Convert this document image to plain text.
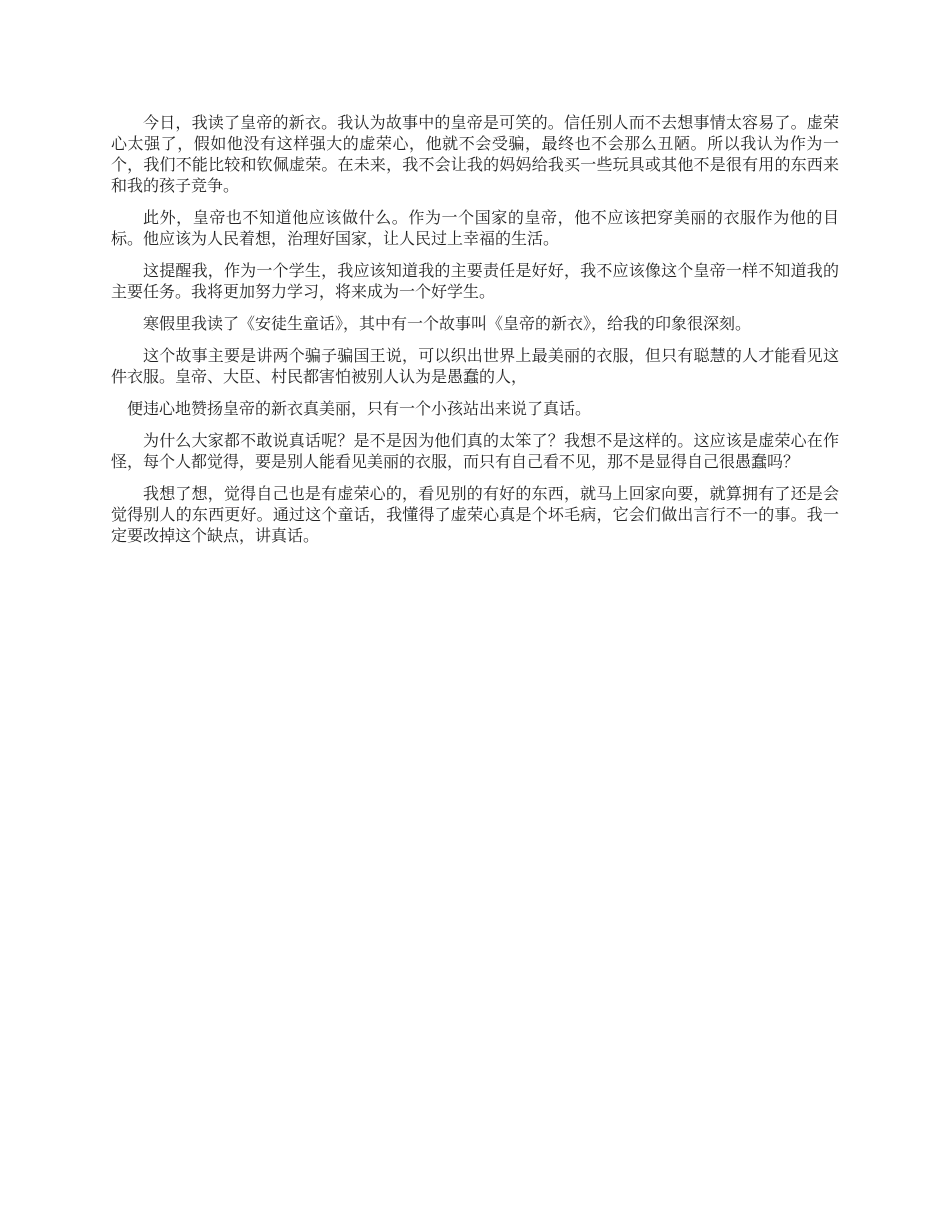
今日，我读了皇帝的新衣。我认为故事中的皇帝是可笑的。信任别人而不去想事情太容易了。虚荣心太强了，假如他没有这样强大的虚荣心，他就不会受骗，最终也不会那么丑陋。所以我认为作为一个，我们不能比较和钦佩虚荣。在未来，我不会让我的妈妈给我买一些玩具或其他不是很有用的东西来和我的孩子竞争。

此外，皇帝也不知道他应该做什么。作为一个国家的皇帝，他不应该把穿美丽的衣服作为他的目标。他应该为人民着想，治理好国家，让人民过上幸福的生活。

这提醒我，作为一个学生，我应该知道我的主要责任是好好，我不应该像这个皇帝一样不知道我的主要任务。我将更加努力学习，将来成为一个好学生。

寒假里我读了《安徒生童话》，其中有一个故事叫《皇帝的新衣》，给我的印象很深刻。

这个故事主要是讲两个骗子骗国王说，可以织出世界上最美丽的衣服，但只有聪慧的人才能看见这件衣服。皇帝、大臣、村民都害怕被别人认为是愚蠢的人，

便违心地赞扬皇帝的新衣真美丽，只有一个小孩站出来说了真话。

为什么大家都不敢说真话呢？是不是因为他们真的太笨了？我想不是这样的。这应该是虚荣心在作怪，每个人都觉得，要是别人能看见美丽的衣服，而只有自己看不见，那不是显得自己很愚蠢吗？

我想了想，觉得自己也是有虚荣心的，看见别的有好的东西，就马上回家向要，就算拥有了还是会觉得别人的东西更好。通过这个童话，我懂得了虚荣心真是个坏毛病，它会们做出言行不一的事。我一定要改掉这个缺点，讲真话。
